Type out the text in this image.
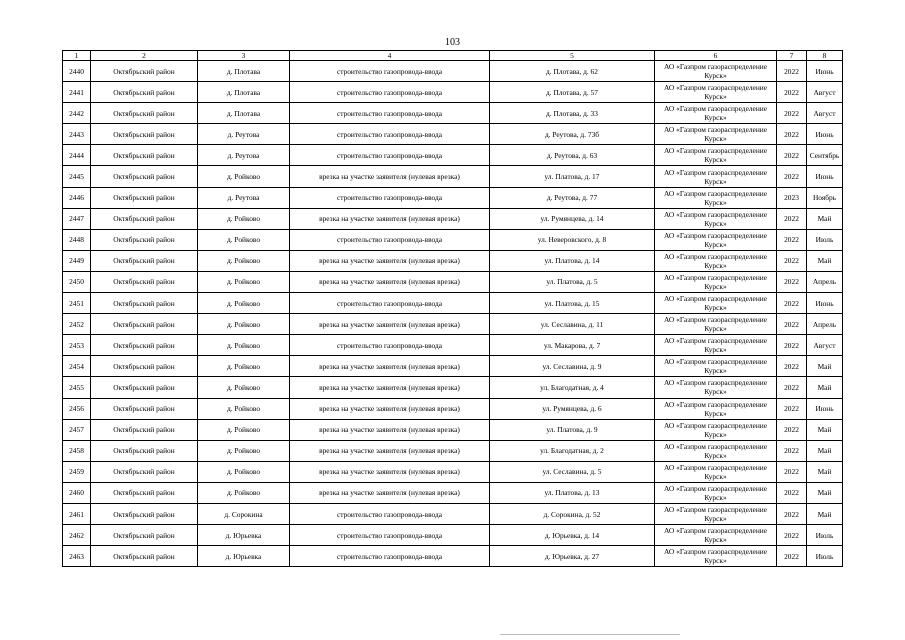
103
1	2	3	4	5	6	7	8
2440	Октябрьский район	д. Плотава	строительство газопровода-ввода	д. Плотава, д. 62	АО «Газпром газораспределение Курск»	2022	Июнь
2441	Октябрьский район	д. Плотава	строительство газопровода-ввода	д. Плотава, д. 57	АО «Газпром газораспределение Курск»	2022	Август
2442	Октябрьский район	д. Плотава	строительство газопровода-ввода	д. Плотава, д. 33	АО «Газпром газораспределение Курск»	2022	Август
2443	Октябрьский район	д. Реутова	строительство газопровода-ввода	д. Реутова, д. 73б	АО «Газпром газораспределение Курск»	2022	Июнь
2444	Октябрьский район	д. Реутова	строительство газопровода-ввода	д. Реутова, д. 63	АО «Газпром газораспределение Курск»	2022	Сентябрь
2445	Октябрьский район	д. Ройково	врезка на участке заявителя (нулевая врезка)	ул. Платова, д. 17	АО «Газпром газораспределение Курск»	2022	Июнь
2446	Октябрьский район	д. Реутова	строительство газопровода-ввода	д. Реутова, д. 77	АО «Газпром газораспределение Курск»	2023	Ноябрь
2447	Октябрьский район	д. Ройково	врезка на участке заявителя (нулевая врезка)	ул. Румянцева, д. 14	АО «Газпром газораспределение Курск»	2022	Май
2448	Октябрьский район	д. Ройково	строительство газопровода-ввода	ул. Неверовского, д. 8	АО «Газпром газораспределение Курск»	2022	Июль
2449	Октябрьский район	д. Ройково	врезка на участке заявителя (нулевая врезка)	ул. Платова, д. 14	АО «Газпром газораспределение Курск»	2022	Май
2450	Октябрьский район	д. Ройково	врезка на участке заявителя (нулевая врезка)	ул. Платова, д. 5	АО «Газпром газораспределение Курск»	2022	Апрель
2451	Октябрьский район	д. Ройково	строительство газопровода-ввода	ул. Платова, д. 15	АО «Газпром газораспределение Курск»	2022	Июнь
2452	Октябрьский район	д. Ройково	врезка на участке заявителя (нулевая врезка)	ул. Сеславина, д. 11	АО «Газпром газораспределение Курск»	2022	Апрель
2453	Октябрьский район	д. Ройково	строительство газопровода-ввода	ул. Макарова, д. 7	АО «Газпром газораспределение Курск»	2022	Август
2454	Октябрьский район	д. Ройково	врезка на участке заявителя (нулевая врезка)	ул. Сеславина, д. 9	АО «Газпром газораспределение Курск»	2022	Май
2455	Октябрьский район	д. Ройково	врезка на участке заявителя (нулевая врезка)	ул. Благодатная, д. 4	АО «Газпром газораспределение Курск»	2022	Май
2456	Октябрьский район	д. Ройково	врезка на участке заявителя (нулевая врезка)	ул. Румянцева, д. 6	АО «Газпром газораспределение Курск»	2022	Июнь
2457	Октябрьский район	д. Ройково	врезка на участке заявителя (нулевая врезка)	ул. Платова, д. 9	АО «Газпром газораспределение Курск»	2022	Май
2458	Октябрьский район	д. Ройково	врезка на участке заявителя (нулевая врезка)	ул. Благодатная, д. 2	АО «Газпром газораспределение Курск»	2022	Май
2459	Октябрьский район	д. Ройково	врезка на участке заявителя (нулевая врезка)	ул. Сеславина, д. 5	АО «Газпром газораспределение Курск»	2022	Май
2460	Октябрьский район	д. Ройково	врезка на участке заявителя (нулевая врезка)	ул. Платова, д. 13	АО «Газпром газораспределение Курск»	2022	Май
2461	Октябрьский район	д. Сорокина	строительство газопровода-ввода	д. Сорокина, д. 52	АО «Газпром газораспределение Курск»	2022	Май
2462	Октябрьский район	д. Юрьевка	строительство газопровода-ввода	д. Юрьевка, д. 14	АО «Газпром газораспределение Курск»	2022	Июль
2463	Октябрьский район	д. Юрьевка	строительство газопровода-ввода	д. Юрьевка, д. 27	АО «Газпром газораспределение Курск»	2022	Июль
